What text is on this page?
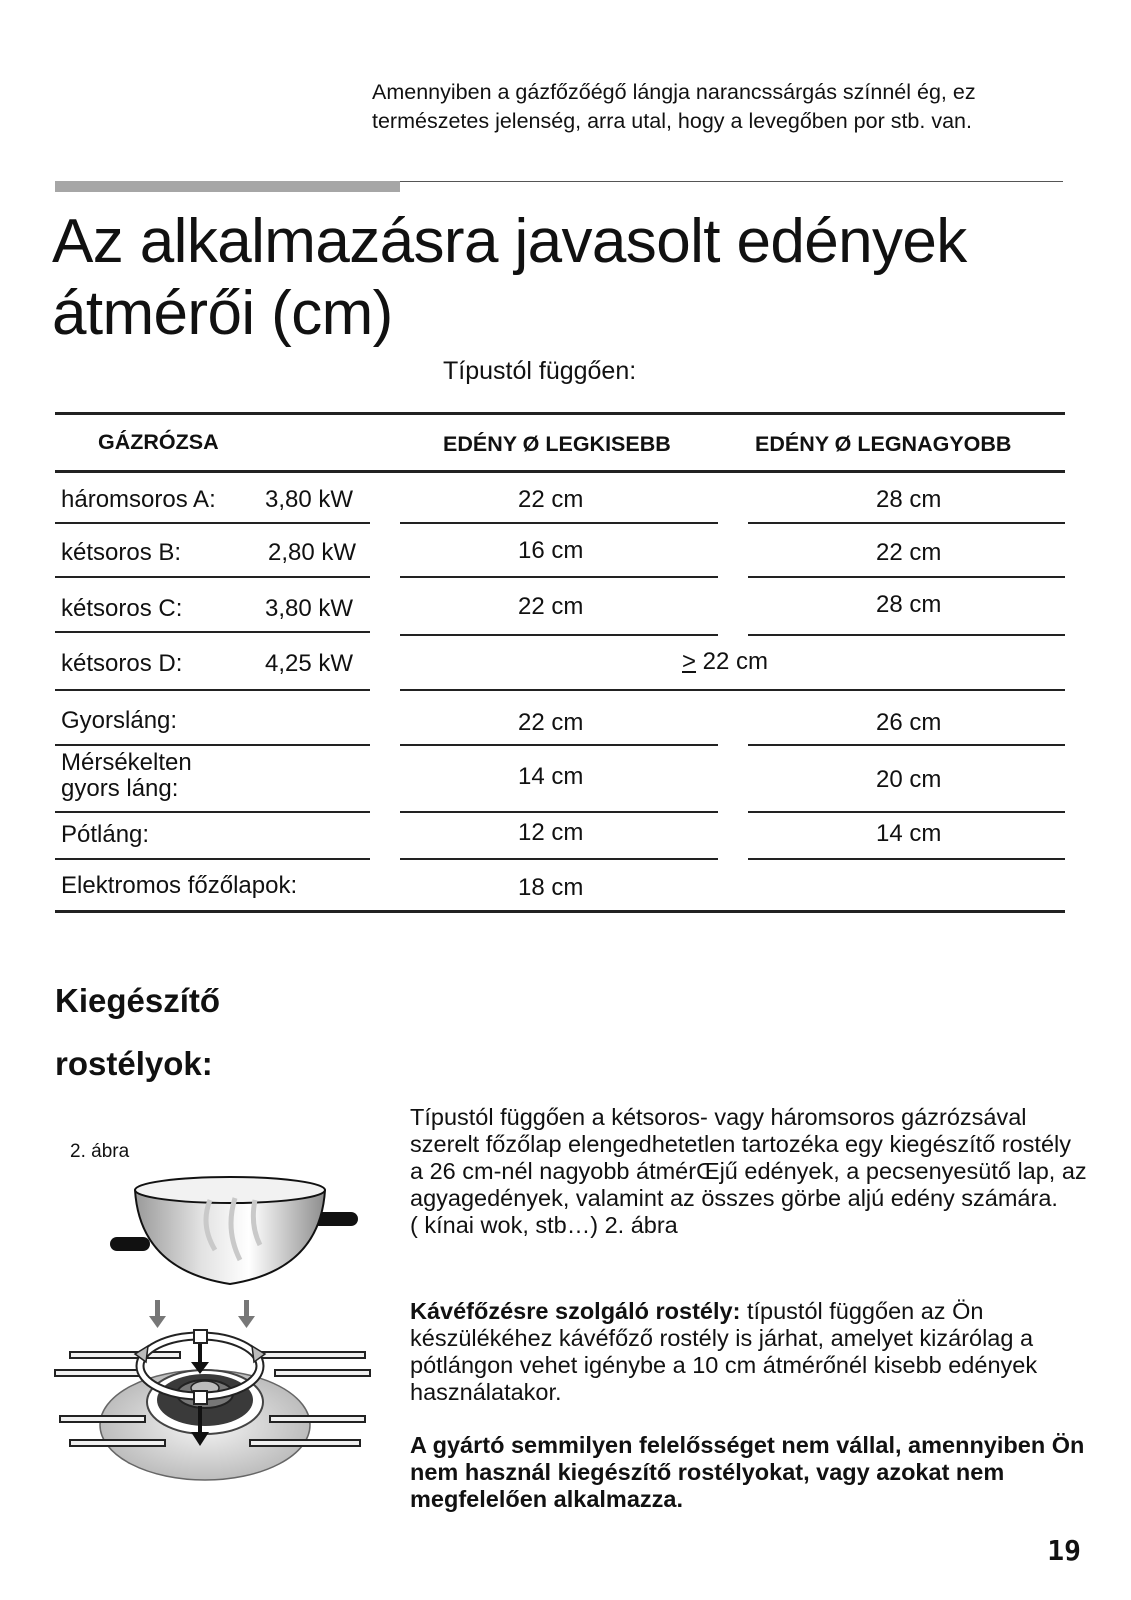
Amennyiben a gázfőzőégő lángja narancssárgás színnél ég, ez természetes jelenség, arra utal, hogy a levegőben por stb. van.
Az alkalmazásra javasolt edények
átmérői (cm)
Típustól függően:
GÁZRÓZSA	EDÉNY Ø LEGKISEBB	EDÉNY Ø LEGNAGYOBB
háromsoros A: 3,80 kW	22 cm	28 cm
kétsoros B:	2,80 kW	16 cm	22 cm
kétsoros C:	3,80 kW	22 cm	28 cm
kétsoros D:	4,25 kW	> 22 cm
Gyorsláng:	22 cm	26 cm
Mérsékelten
gyors láng:	14 cm	20 cm
Pótláng:	12 cm	14 cm
Elektromos főzőlapok:	18 cm
Kiegészítő
rostélyok:
2. ábra
Típustól függően a kétsoros- vagy háromsoros gázrózsával szerelt főzőlap elengedhetetlen tartozéka egy kiegészítő rostély a 26 cm-nél nagyobb átmérŒjű edények, a pecsenyesütő lap, az agyagedények, valamint az összes görbe aljú edény számára.
( kínai wok, stb…) 2. ábra
Kávéfőzésre szolgáló rostély: típustól függően az Ön készülékéhez kávéfőző rostély is járhat, amelyet kizárólag a pótlángon vehet igénybe a 10 cm átmérőnél kisebb edények használatakor.
A gyártó semmilyen felelősséget nem vállal, amennyiben Ön nem használ kiegészítő rostélyokat, vagy azokat nem megfelelően alkalmazza.
19
